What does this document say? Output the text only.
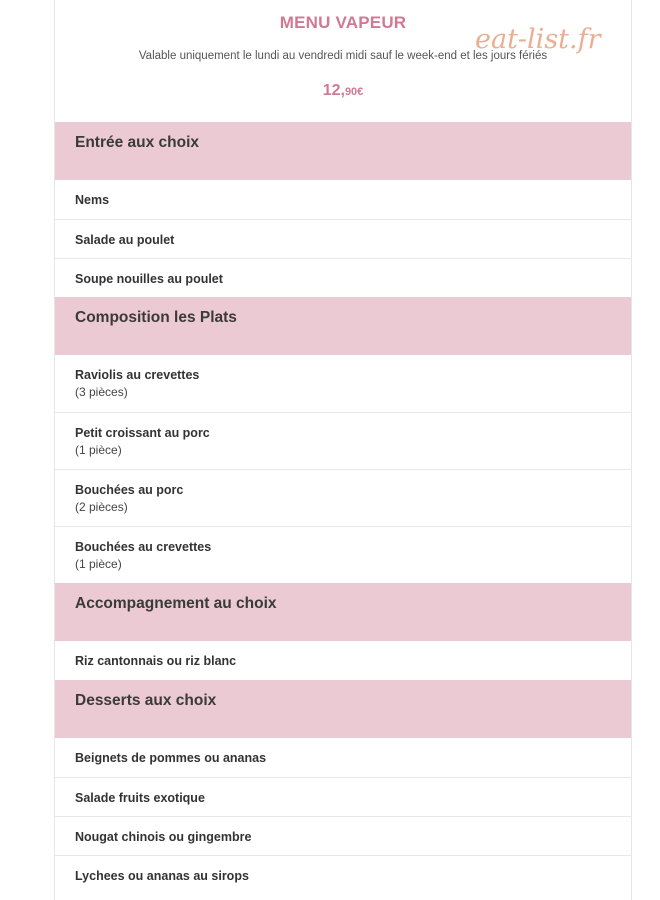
MENU VAPEUR
Valable uniquement le lundi au vendredi midi sauf le week-end et les jours fériés
12,90€
eat-list.fr
Entrée aux choix
Nems
Salade au poulet
Soupe nouilles au poulet
Composition les Plats
Raviolis au crevettes
(3 pièces)
Petit croissant au porc
(1 pièce)
Bouchées au porc
(2 pièces)
Bouchées au crevettes
(1 pièce)
Accompagnement au choix
Riz cantonnais ou riz blanc
Desserts aux choix
Beignets de pommes ou ananas
Salade fruits exotique
Nougat chinois ou gingembre
Lychees ou ananas au sirops
